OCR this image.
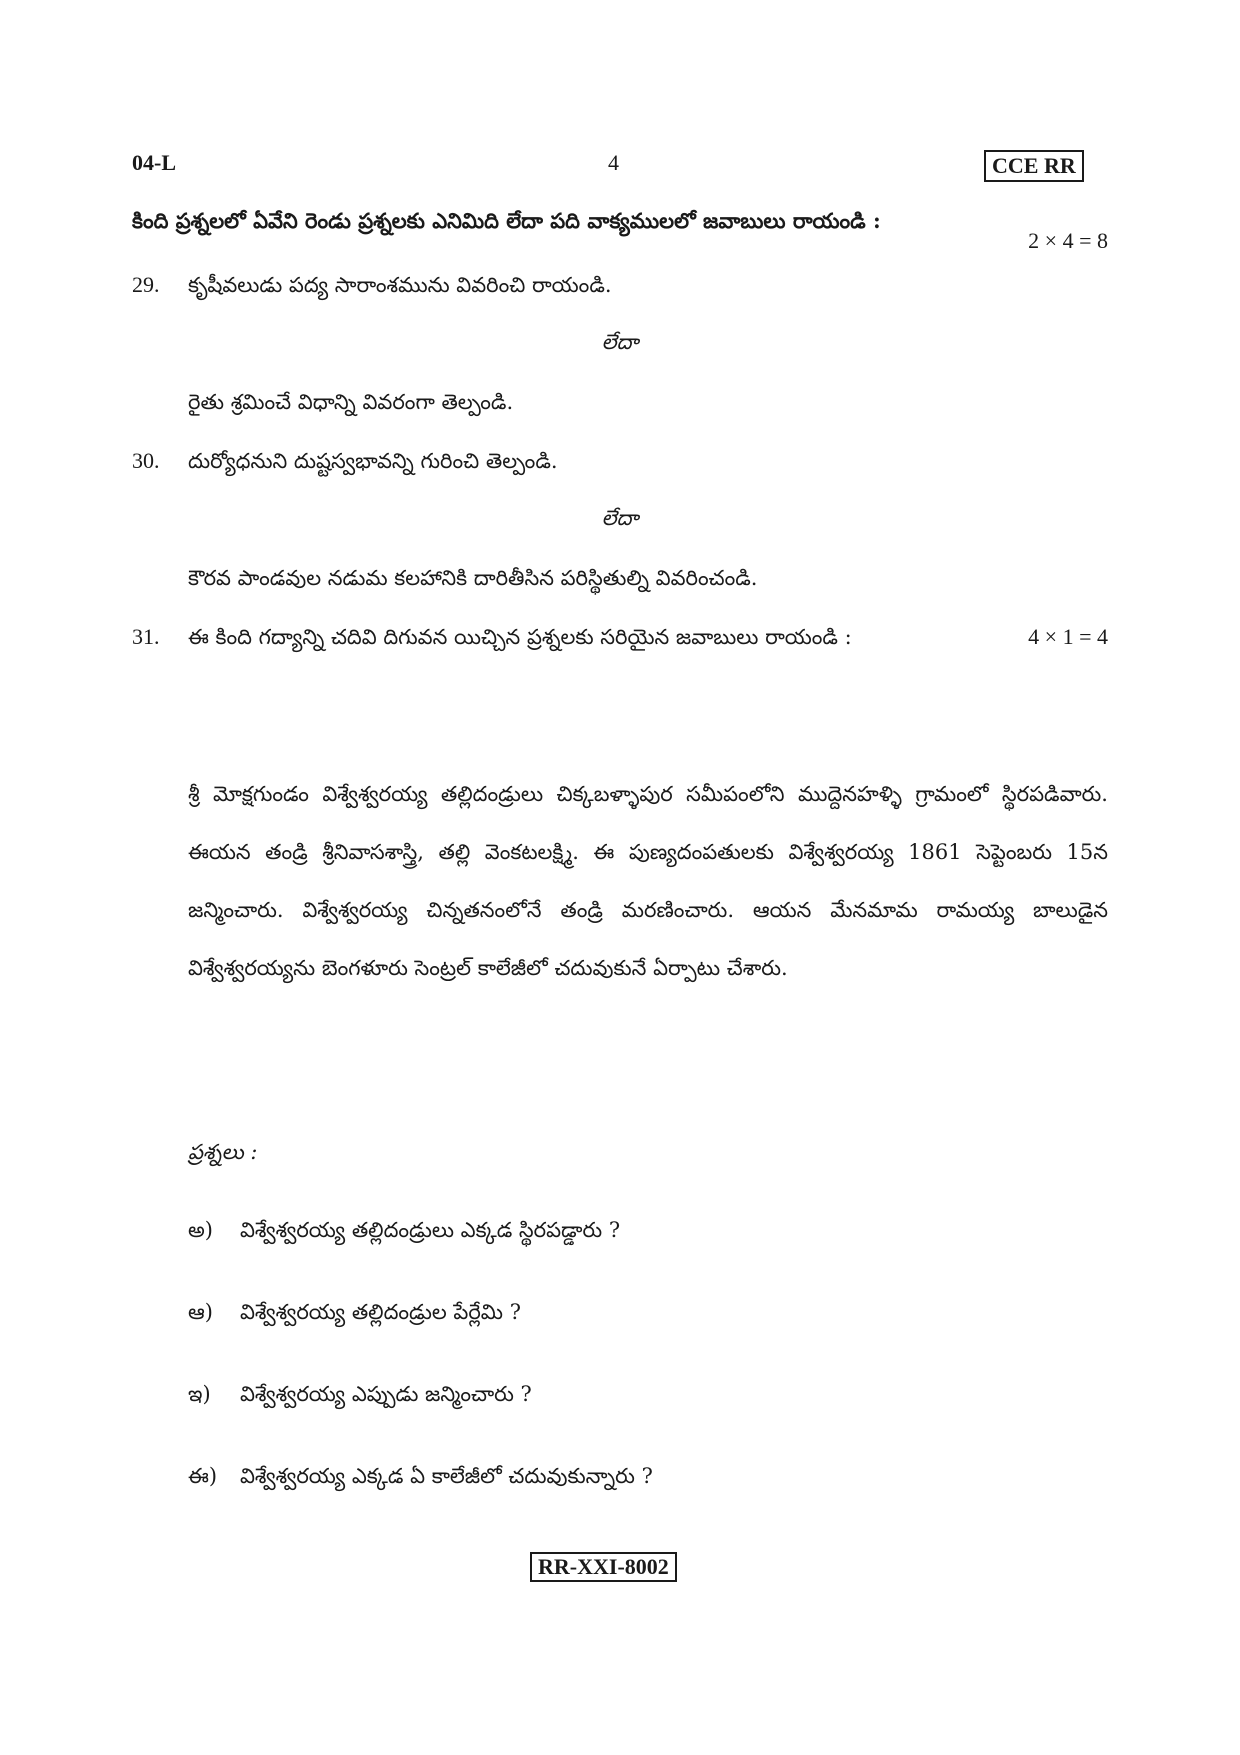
04-L	4	CCE RR
కింది ప్రశ్నలలో ఏవేని రెండు ప్రశ్నలకు ఎనిమిది లేదా పది వాక్యములలో జవాబులు రాయండి :
2 × 4 = 8
29. కృషీవలుడు పద్య సారాంశమును వివరించి రాయండి.
లేదా
రైతు శ్రమించే విధాన్ని వివరంగా తెల్పండి.
30. దుర్యోధనుని దుష్టస్వభావన్ని గురించి తెల్పండి.
లేదా
కౌరవ పాండవుల నడుమ కలహానికి దారితీసిన పరిస్థితుల్ని వివరించండి.
31. ఈ కింది గద్యాన్ని చదివి దిగువన యిచ్చిన ప్రశ్నలకు సరియైన జవాబులు రాయండి :	4 × 1 = 4

శ్రీ మోక్షగుండం విశ్వేశ్వరయ్య తల్లిదండ్రులు చిక్కబళ్ళాపుర సమీపంలోని ముద్దెనహళ్ళి గ్రామంలో స్థిరపడివారు. ఈయన తండ్రి శ్రీనివాసశాస్త్రి, తల్లి వెంకటలక్ష్మి. ఈ పుణ్యదంపతులకు విశ్వేశ్వరయ్య 1861 సెప్టెంబరు 15న జన్మించారు. విశ్వేశ్వరయ్య చిన్నతనంలోనే తండ్రి మరణించారు. ఆయన మేనమామ రామయ్య బాలుడైన విశ్వేశ్వరయ్యను బెంగళూరు సెంట్రల్ కాలేజీలో చదువుకునే ఏర్పాటు చేశారు.

ప్రశ్నలు :
అ) విశ్వేశ్వరయ్య తల్లిదండ్రులు ఎక్కడ స్థిరపడ్డారు ?
ఆ) విశ్వేశ్వరయ్య తల్లిదండ్రుల పేర్లేమి ?
ఇ) విశ్వేశ్వరయ్య ఎప్పుడు జన్మించారు ?
ఈ) విశ్వేశ్వరయ్య ఎక్కడ ఏ కాలేజీలో చదువుకున్నారు ?
RR-XXI-8002
